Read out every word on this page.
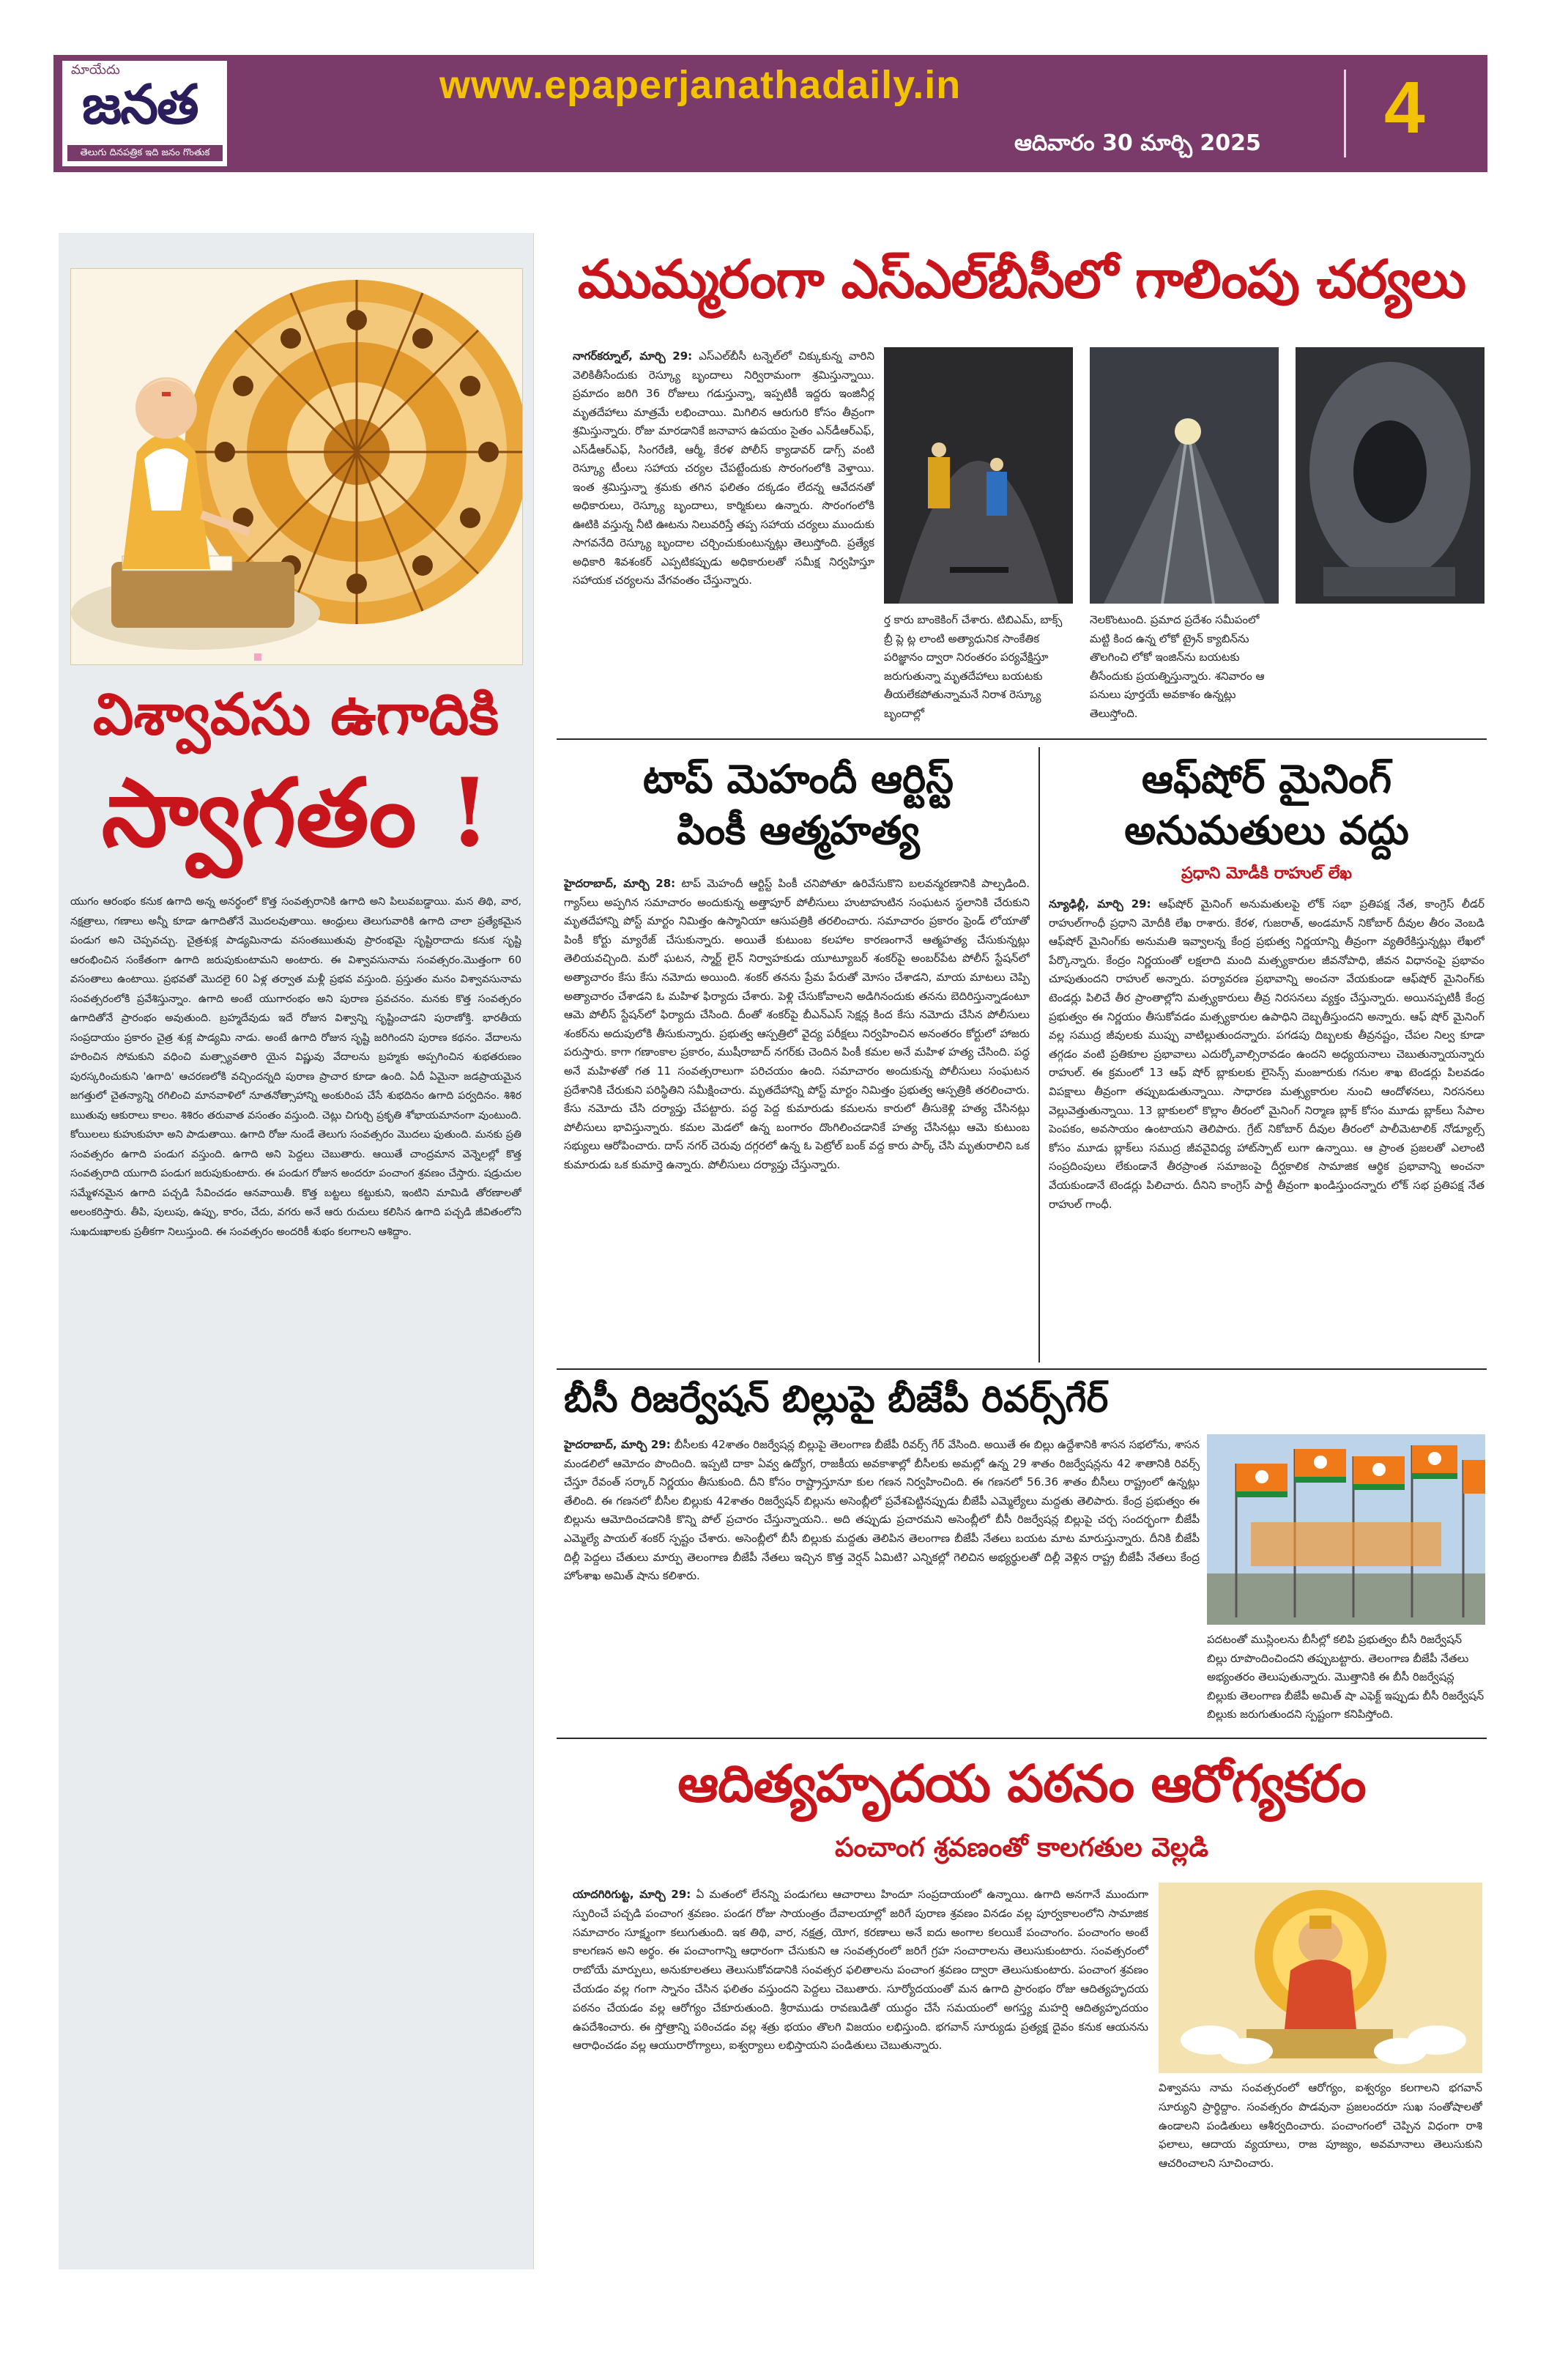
మాయేదు
జనత
తెలుగు దినపత్రిక ఇది జనం గొంతుక
www.epaperjanathadaily.in
ఆదివారం 30 మార్చి 2025 4
విశ్వావసు ఉగాదికి
స్వాగతం !
యుగం ఆరంభం కనుక ఉగాది అన్న అనర్థంలో కొత్త సంవత్సరానికి ఉగాది అని పిలువబడ్డాయి. మన తిథి, వార, నక్షత్రాలు, గణాలు అన్నీ కూడా ఉగాదితోనే మొదలవుతాయి. ఆంధ్రులు తెలుగువారికి ఉగాది చాలా ప్రత్యేకమైన పండుగ అని చెప్పవచ్చు. చైత్రశుక్ల పాడ్యమినాడు వసంతఋతువు ప్రారంభమై సృష్టిరాదాదు కనుక సృష్టి ఆరంభించిన సంకేతంగా ఉగాది జరుపుకుంటామని అంటారు. ఈ విశ్వావసునామ సంవత్సరం.మొత్తంగా 60 వసంతాలు ఉంటాయి. ప్రభవతో మొదలై 60 ఏళ్ల తర్వాత మళ్లీ ప్రభవ వస్తుంది. ప్రస్తుతం మనం విశ్వావసునామ సంవత్సరంలోకి ప్రవేశిస్తున్నాం. ఉగాది అంటే యుగారంభం అని పురాణ ప్రవచనం. మనకు కొత్త సంవత్సరం ఉగాదితోనే ప్రారంభం అవుతుంది. బ్రహ్మదేవుడు ఇదే రోజున విశ్వాన్ని సృష్టించాడని పురాణోక్తి. భారతీయ సంప్రదాయం ప్రకారం చైత్ర శుక్ల పాడ్యమి నాడు. అంటే ఉగాది రోజున సృష్టి జరిగిందని పురాణ కథనం. వేదాలను హరించిన సోమకుని వధించి మత్స్యావతారి యైన విష్ణువు వేదాలను బ్రహ్మకు అప్పగించిన శుభతరుణం పురస్కరించుకుని 'ఉగాది' ఆచరణలోకి వచ్చిందన్నది పురాణ ప్రాచార కూడా ఉంది. ఏదీ ఏమైనా జడప్రాయమైన జగత్తులో చైతన్యాన్ని రగిలించి మానవాళిలో నూతనోత్సాహాన్ని అంకురింప చేసే శుభదినం ఉగాది పర్వదినం. శిశిర ఋతువు ఆకురాలు కాలం. శిశిరం తరువాత వసంతం వస్తుంది. చెట్లు చిగుర్చి ప్రకృతి శోభాయమానంగా వుంటుంది. కోయిలలు కుహుకుహూ అని పాడుతాయి. ఉగాది రోజు నుండే తెలుగు సంవత్సరం మొదలు ఫుతుంది. మనకు ప్రతి సంవత్సరం ఉగాది పండుగ వస్తుంది. ఉగాది అని పెద్దలు చెబుతారు. ఆయితే చాంద్రమాన వెన్నెలల్లో కొత్త సంవత్సరాది యుగాది పండుగ జరుపుకుంటారు. ఈ పండుగ రోజున అందరూ పంచాంగ శ్రవణం చేస్తారు. షడ్రుచుల సమ్మేళనమైన ఉగాది పచ్చడి సేవించడం ఆనవాయితీ. కొత్త బట్టలు కట్టుకుని, ఇంటిని మామిడి తోరణాలతో అలంకరిస్తారు. తీపి, పులుపు, ఉప్పు, కారం, చేదు, వగరు అనే ఆరు రుచులు కలిసిన ఉగాది పచ్చడి జీవితంలోని సుఖదుఃఖాలకు ప్రతీకగా నిలుస్తుంది. ఈ సంవత్సరం అందరికీ శుభం కలగాలని ఆశిద్దాం.
ముమ్మరంగా ఎస్ఎల్‌బీసీలో గాలింపు చర్యలు
నాగర్‌కర్నూల్, మార్చి 29: ఎస్ఎల్‌బీసీ టన్నెల్‌లో చిక్కుకున్న వారిని వెలికితీసేందుకు రెస్క్యూ బృందాలు నిర్విరామంగా శ్రమిస్తున్నాయి. ప్రమాదం జరిగి 36 రోజులు గడుస్తున్నా, ఇప్పటికీ ఇద్దరు ఇంజినీర్ల మృతదేహాలు మాత్రమే లభించాయి. మిగిలిన ఆరుగురి కోసం తీవ్రంగా శ్రమిస్తున్నారు. రోజు మారడానికే జనావాస ఉపయం సైతం ఎన్‌డీఆర్‌ఎఫ్, ఎస్‌డీఆర్‌ఎఫ్, సింగరేణి, ఆర్మీ, కేరళ పోలీస్ క్యాడావర్ డాగ్స్ వంటి రెస్క్యూ టీంలు సహాయ చర్యల చేపట్టేందుకు సొరంగంలోకి వెళ్తాయి. ఇంత శ్రమిస్తున్నా శ్రమకు తగిన ఫలితం దక్కడం లేదన్న ఆవేదనతో అధికారులు, రెస్క్యూ బృందాలు, కార్మికులు ఉన్నారు. సొరంగంలోకి ఊటికి వస్తున్న నీటి ఊటను నిలువరిస్తే తప్ప సహాయ చర్యలు ముందుకు సాగవనేది రెస్క్యూ బృందాల చర్చించుకుంటున్నట్లు తెలుస్తోంది. ప్రత్యేక అధికారి శివశంకర్ ఎప్పటికప్పుడు అధికారులతో సమీక్ష నిర్వహిస్తూ సహాయక చర్యలను వేగవంతం చేస్తున్నారు.
ర్త కారు బాంకెకింగ్ చేశారు. టిబిఎమ్, బాక్స్ బ్రీ ప్లె ట్ల లాంటి అత్యాధునిక సాంకేతిక పరిజ్ఞానం ద్వారా నిరంతరం పర్యవేక్షిస్తూ జరుగుతున్నా మృతదేహాలు బయటకు తీయలేకపోతున్నామనే నిరాశ రెస్క్యూ బృందాల్లో
నెలకొంటుంది. ప్రమాద ప్రదేశం సమీపంలో మట్టి కింద ఉన్న లోకో ట్రైన్ క్యాబిన్‌ను తొలగించి లోకో ఇంజిన్‌ను బయటకు తీసేందుకు ప్రయత్నిస్తున్నారు. శనివారం ఆ పనులు పూర్తయే అవకాశం ఉన్నట్లు తెలుస్తోంది.
టాప్ మెహందీ ఆర్టిస్ట్
పింకీ ఆత్మహత్య
హైదరాబాద్, మార్చి 28: టాప్ మెహందీ ఆర్టిస్ట్ పింకీ చనిపోతూ ఉరివేసుకొని బలవన్మరణానికి పాల్పడింది. గ్యాస్‌లు అప్పగిన సమాచారం అందుకున్న అత్తాపూర్ పోలీసులు హుటాహుటిన సంఘటన స్థలానికి చేరుకుని మృతదేహాన్ని పోస్ట్ మార్టం నిమిత్తం ఉస్మానియా ఆసుపత్రికి తరలించారు. సమాచారం ప్రకారం ఫ్రెండ్ లోయాతో పింకీ కోర్టు మ్యారేజ్ చేసుకున్నారు. అయితే కుటుంబ కలహాల కారణంగానే ఆత్మహత్య చేసుకున్నట్లు తెలియవచ్చింది. మరో ఘటన, స్మార్ట్ లైన్ నిర్వాహకుడు యూట్యూబర్ శంకర్‌పై అంబర్‌పేట పోలీస్ స్టేషన్‌లో అత్యాచారం కేసు కేసు నమోదు అయింది. శంకర్ తనను ప్రేమ పేరుతో మోసం చేశాడని, మాయ మాటలు చెప్పి అత్యాచారం చేశాడని ఓ మహిళ ఫిర్యాదు చేశారు. పెళ్లి చేసుకోవాలని అడిగినందుకు తనను బెదిరిస్తున్నాడంటూ ఆమె పోలీస్ స్టేషన్‌లో ఫిర్యాదు చేసింది. దీంతో శంకర్‌పై బీఎన్ఎస్ సెక్షన్ల కింద కేసు నమోదు చేసిన పోలీసులు శంకర్‌ను అదుపులోకి తీసుకున్నారు. ప్రభుత్వ ఆస్పత్రిలో వైద్య పరీక్షలు నిర్వహించిన అనంతరం కోర్టులో హాజరు పరుస్తారు. కాగా గణాంకాల ప్రకారం, ముషీరాబాద్ నగర్‌కు చెందిన పింకీ కమల అనే మహిళ హత్య చేసింది. పద్ధ అనే మహిళతో గత 11 సంవత్సరాలుగా పరిచయం ఉంది. సమాచారం అందుకున్న పోలీసులు సంఘటన ప్రదేశానికి చేరుకుని పరిస్థితిని సమీక్షించారు. మృతదేహాన్ని పోస్ట్ మార్టం నిమిత్తం ప్రభుత్వ ఆస్పత్రికి తరలించారు. కేసు నమోదు చేసి దర్యాప్తు చేపట్టారు. పద్ధ పెద్ద కుమారుడు కమలను కారులో తీసుకెళ్లి హత్య చేసినట్లు పోలీసులు భావిస్తున్నారు. కమల మెడలో ఉన్న బంగారం దొంగిలించడానికే హత్య చేసినట్లు ఆమె కుటుంబ సభ్యులు ఆరోపించారు. దాస్ నగర్ చెరువు దగ్గరలో ఉన్న ఓ పెట్రోల్ బంక్ వద్ద కారు పార్క్ చేసి మృతురాలిని ఒక కుమారుడు ఒక కుమార్తె ఉన్నారు. పోలీసులు దర్యాప్తు చేస్తున్నారు.
ఆఫ్‌షోర్ మైనింగ్
అనుమతులు వద్దు
ప్రధాని మోడీకి రాహుల్ లేఖ
న్యూఢిల్లీ, మార్చి 29: ఆఫ్‌షోర్ మైనింగ్ అనుమతులపై లోక్ సభా ప్రతిపక్ష నేత, కాంగ్రెస్ లీడర్ రాహుల్‌గాంధీ ప్రధాని మోదీకి లేఖ రాశారు. కేరళ, గుజరాత్, అండమాన్ నికోబార్ దీవుల తీరం వెంబడి ఆఫ్‌షోర్ మైనింగ్‌కు అనుమతి ఇవ్వాలన్న కేంద్ర ప్రభుత్వ నిర్ణయాన్ని తీవ్రంగా వ్యతిరేకిస్తున్నట్లు లేఖలో పేర్కొన్నారు. కేంద్రం నిర్ణయంతో లక్షలాది మంది మత్స్యకారుల జీవనోపాధి, జీవన విధానంపై ప్రభావం చూపుతుందని రాహుల్ అన్నారు. పర్యావరణ ప్రభావాన్ని అంచనా వేయకుండా ఆఫ్‌షోర్ మైనింగ్‌కు టెండర్లు పిలిచే తీర ప్రాంతాల్లోని మత్స్యకారులు తీవ్ర నిరసనలు వ్యక్తం చేస్తున్నారు. అయినప్పటికీ కేంద్ర ప్రభుత్వం ఈ నిర్ణయం తీసుకోవడం మత్స్యకారుల ఉపాధిని దెబ్బతీస్తుందని అన్నారు. ఆఫ్ షోర్ మైనింగ్ వల్ల సముద్ర జీవులకు ముప్పు వాటిల్లుతుందన్నారు. పగడపు దిబ్బలకు తీవ్రనష్టం, చేపల నిల్వ కూడా తగ్గడం వంటి ప్రతికూల ప్రభావాలు ఎదుర్కోవాల్సిరావడం ఉందని అధ్యయనాలు చెబుతున్నాయన్నారు రాహుల్. ఈ క్రమంలో 13 ఆఫ్ షోర్ బ్లాకులకు లైసెన్స్ మంజూరుకు గనుల శాఖ టెండర్లు పిలవడం విపక్షాలు తీవ్రంగా తప్పుబడుతున్నాయి. సాధారణ మత్స్యకారుల నుంచి ఆందోళనలు, నిరసనలు వెల్లువెత్తుతున్నాయి. 13 బ్లాకులలో కొల్లాం తీరంలో మైనింగ్ నిర్మాణ బ్లాక్ కోసం మూడు బ్లాక్‌లు సేపాల పెంపకం, అవసాయం ఉంటాయని తెలిపారు. గ్రేట్ నికోబార్ దీవుల తీరంలో పాలీమెటాలిక్ నోడ్యూల్స్ కోసం మూడు బ్లాక్‌లు సముద్ర జీవవైవిధ్య హాట్‌స్పాట్ లుగా ఉన్నాయి. ఆ ప్రాంత ప్రజలతో ఎలాంటి సంప్రదింపులు లేకుండానే తీరప్రాంత సమాజంపై దీర్ఘకాలిక సామాజిక ఆర్థిక ప్రభావాన్ని అంచనా వేయకుండానే టెండర్లు పిలిచారు. దీనిని కాంగ్రెస్ పార్టీ తీవ్రంగా ఖండిస్తుందన్నారు లోక్ సభ ప్రతిపక్ష నేత రాహుల్ గాంధీ.
బీసీ రిజర్వేషన్ బిల్లుపై బీజేపీ రివర్స్‌గేర్
హైదరాబాద్, మార్చి 29: బీసీలకు 42శాతం రిజర్వేషన్ల బిల్లుపై తెలంగాణ బీజేపీ రివర్స్ గేర్ వేసింది. అయితే ఈ బిల్లు ఉద్దేశానికి శాసన సభలోను, శాసన మండలిలో ఆమోదం పొందింది. ఇప్పటి దాకా ఏవ్వ ఉద్యోగ, రాజకీయ అవకాశాల్లో బీసీలకు అమల్లో ఉన్న 29 శాతం రిజర్వేషన్లను 42 శాతానికి రివర్స్ చేస్తూ రేవంత్ సర్కార్ నిర్ణయం తీసుకుంది. దీని కోసం రాష్ట్రాస్తూనూ కుల గణన నిర్వహించింది. ఈ గణనలో 56.36 శాతం బీసీలు రాష్ట్రంలో ఉన్నట్లు తేలింది. ఈ గణనలో బీసీల బిల్లుకు 42శాతం రిజర్వేషన్ బిల్లును అసెంబ్లీలో ప్రవేశపెట్టినప్పుడు బీజేపీ ఎమ్మెల్యేలు మద్దతు తెలిపారు. కేంద్ర ప్రభుత్వం ఈ బిల్లును ఆమోదించడానికి కొన్ని పోల్ ప్రచారం చేస్తున్నాయని.. అది తప్పుడు ప్రచారమని అసెంబ్లీలో బీసీ రిజర్వేషన్ల బిల్లుపై చర్చ సందర్భంగా బీజేపీ ఎమ్మెల్యే పాయల్ శంకర్ స్పష్టం చేశారు. అసెంబ్లీలో బీసీ బిల్లుకు మద్దతు తెలిపిన తెలంగాణ బీజేపీ నేతలు బయట మాట మారుస్తున్నారు. దీనికి బీజేపీ దిల్లీ పెద్దలు చేతులు మార్పు తెలంగాణ బీజేపీ నేతలు ఇచ్చిన కొత్త వెర్షన్ ఏమిటి? ఎన్నికల్లో గెలిచిన అభ్యర్థులతో దిల్లీ వెళ్లిన రాష్ట్ర బీజేపీ నేతలు కేంద్ర హోంశాఖ అమిత్ షాను కలిశారు.
పదటంతో ముస్లింలను బీసీల్లో కలిపి ప్రభుత్వం బీసీ రిజర్వేషన్ బిల్లు రూపొందించిందని తప్పుబట్టారు. తెలంగాణ బీజేపీ నేతలు అభ్యంతరం తెలుపుతున్నారు. మొత్తానికి ఈ బీసీ రిజర్వేషన్ల బిల్లుకు తెలంగాణ బీజేపీ అమిత్ షా ఎఫెక్ట్ ఇప్పుడు బీసీ రిజర్వేషన్ బిల్లుకు జరుగుతుందని స్పష్టంగా కనిపిస్తోంది.
ఆదిత్యహృదయ పఠనం ఆరోగ్యకరం
పంచాంగ శ్రవణంతో కాలగతుల వెల్లడి
యాదగిరిగుట్ట, మార్చి 29: ఏ మతంలో లేనన్ని పండుగలు ఆచారాలు హిందూ సంప్రదాయంలో ఉన్నాయి. ఉగాది అనగానే ముందుగా స్ఫురించే పచ్చడి పంచాంగ శ్రవణం. పండగ రోజు సాయంత్రం దేవాలయాల్లో జరిగే పురాణ శ్రవణం వినడం వల్ల పూర్వకాలంలోని సామాజిక సమాచారం సూక్ష్మంగా కలుగుతుంది. ఇక తిథి, వార, నక్షత్ర, యోగ, కరణాలు అనే ఐదు అంగాల కలయికే పంచాంగం. పంచాంగం అంటే కాలగణన అని అర్థం. ఈ పంచాంగాన్ని ఆధారంగా చేసుకుని ఆ సంవత్సరంలో జరిగే గ్రహ సంచారాలను తెలుసుకుంటారు. సంవత్సరంలో రాబోయే మార్పులు, అనుకూలతలు తెలుసుకోవడానికి సంవత్సర ఫలితాలను పంచాంగ శ్రవణం ద్వారా తెలుసుకుంటారు. పంచాంగ శ్రవణం చేయడం వల్ల గంగా స్నానం చేసిన ఫలితం వస్తుందని పెద్దలు చెబుతారు. సూర్యోదయంతో మన ఉగాది ప్రారంభం రోజు ఆదిత్యహృదయ పఠనం చేయడం వల్ల ఆరోగ్యం చేకూరుతుంది. శ్రీరాముడు రావణుడితో యుద్ధం చేసే సమయంలో అగస్త్య మహర్షి ఆదిత్యహృదయం ఉపదేశించారు. ఈ స్తోత్రాన్ని పఠించడం వల్ల శత్రు భయం తొలగి విజయం లభిస్తుంది. భగవాన్ సూర్యుడు ప్రత్యక్ష దైవం కనుక ఆయనను ఆరాధించడం వల్ల ఆయురారోగ్యాలు, ఐశ్వర్యాలు లభిస్తాయని పండితులు చెబుతున్నారు.
విశ్వావసు నామ సంవత్సరంలో ఆరోగ్యం, ఐశ్వర్యం కలగాలని భగవాన్ సూర్యుని ప్రార్థిద్దాం. సంవత్సరం పొడవునా ప్రజలందరూ సుఖ సంతోషాలతో ఉండాలని పండితులు ఆశీర్వదించారు. పంచాంగంలో చెప్పిన విధంగా రాశి ఫలాలు, ఆదాయ వ్యయాలు, రాజ పూజ్యం, అవమానాలు తెలుసుకుని ఆచరించాలని సూచించారు.
